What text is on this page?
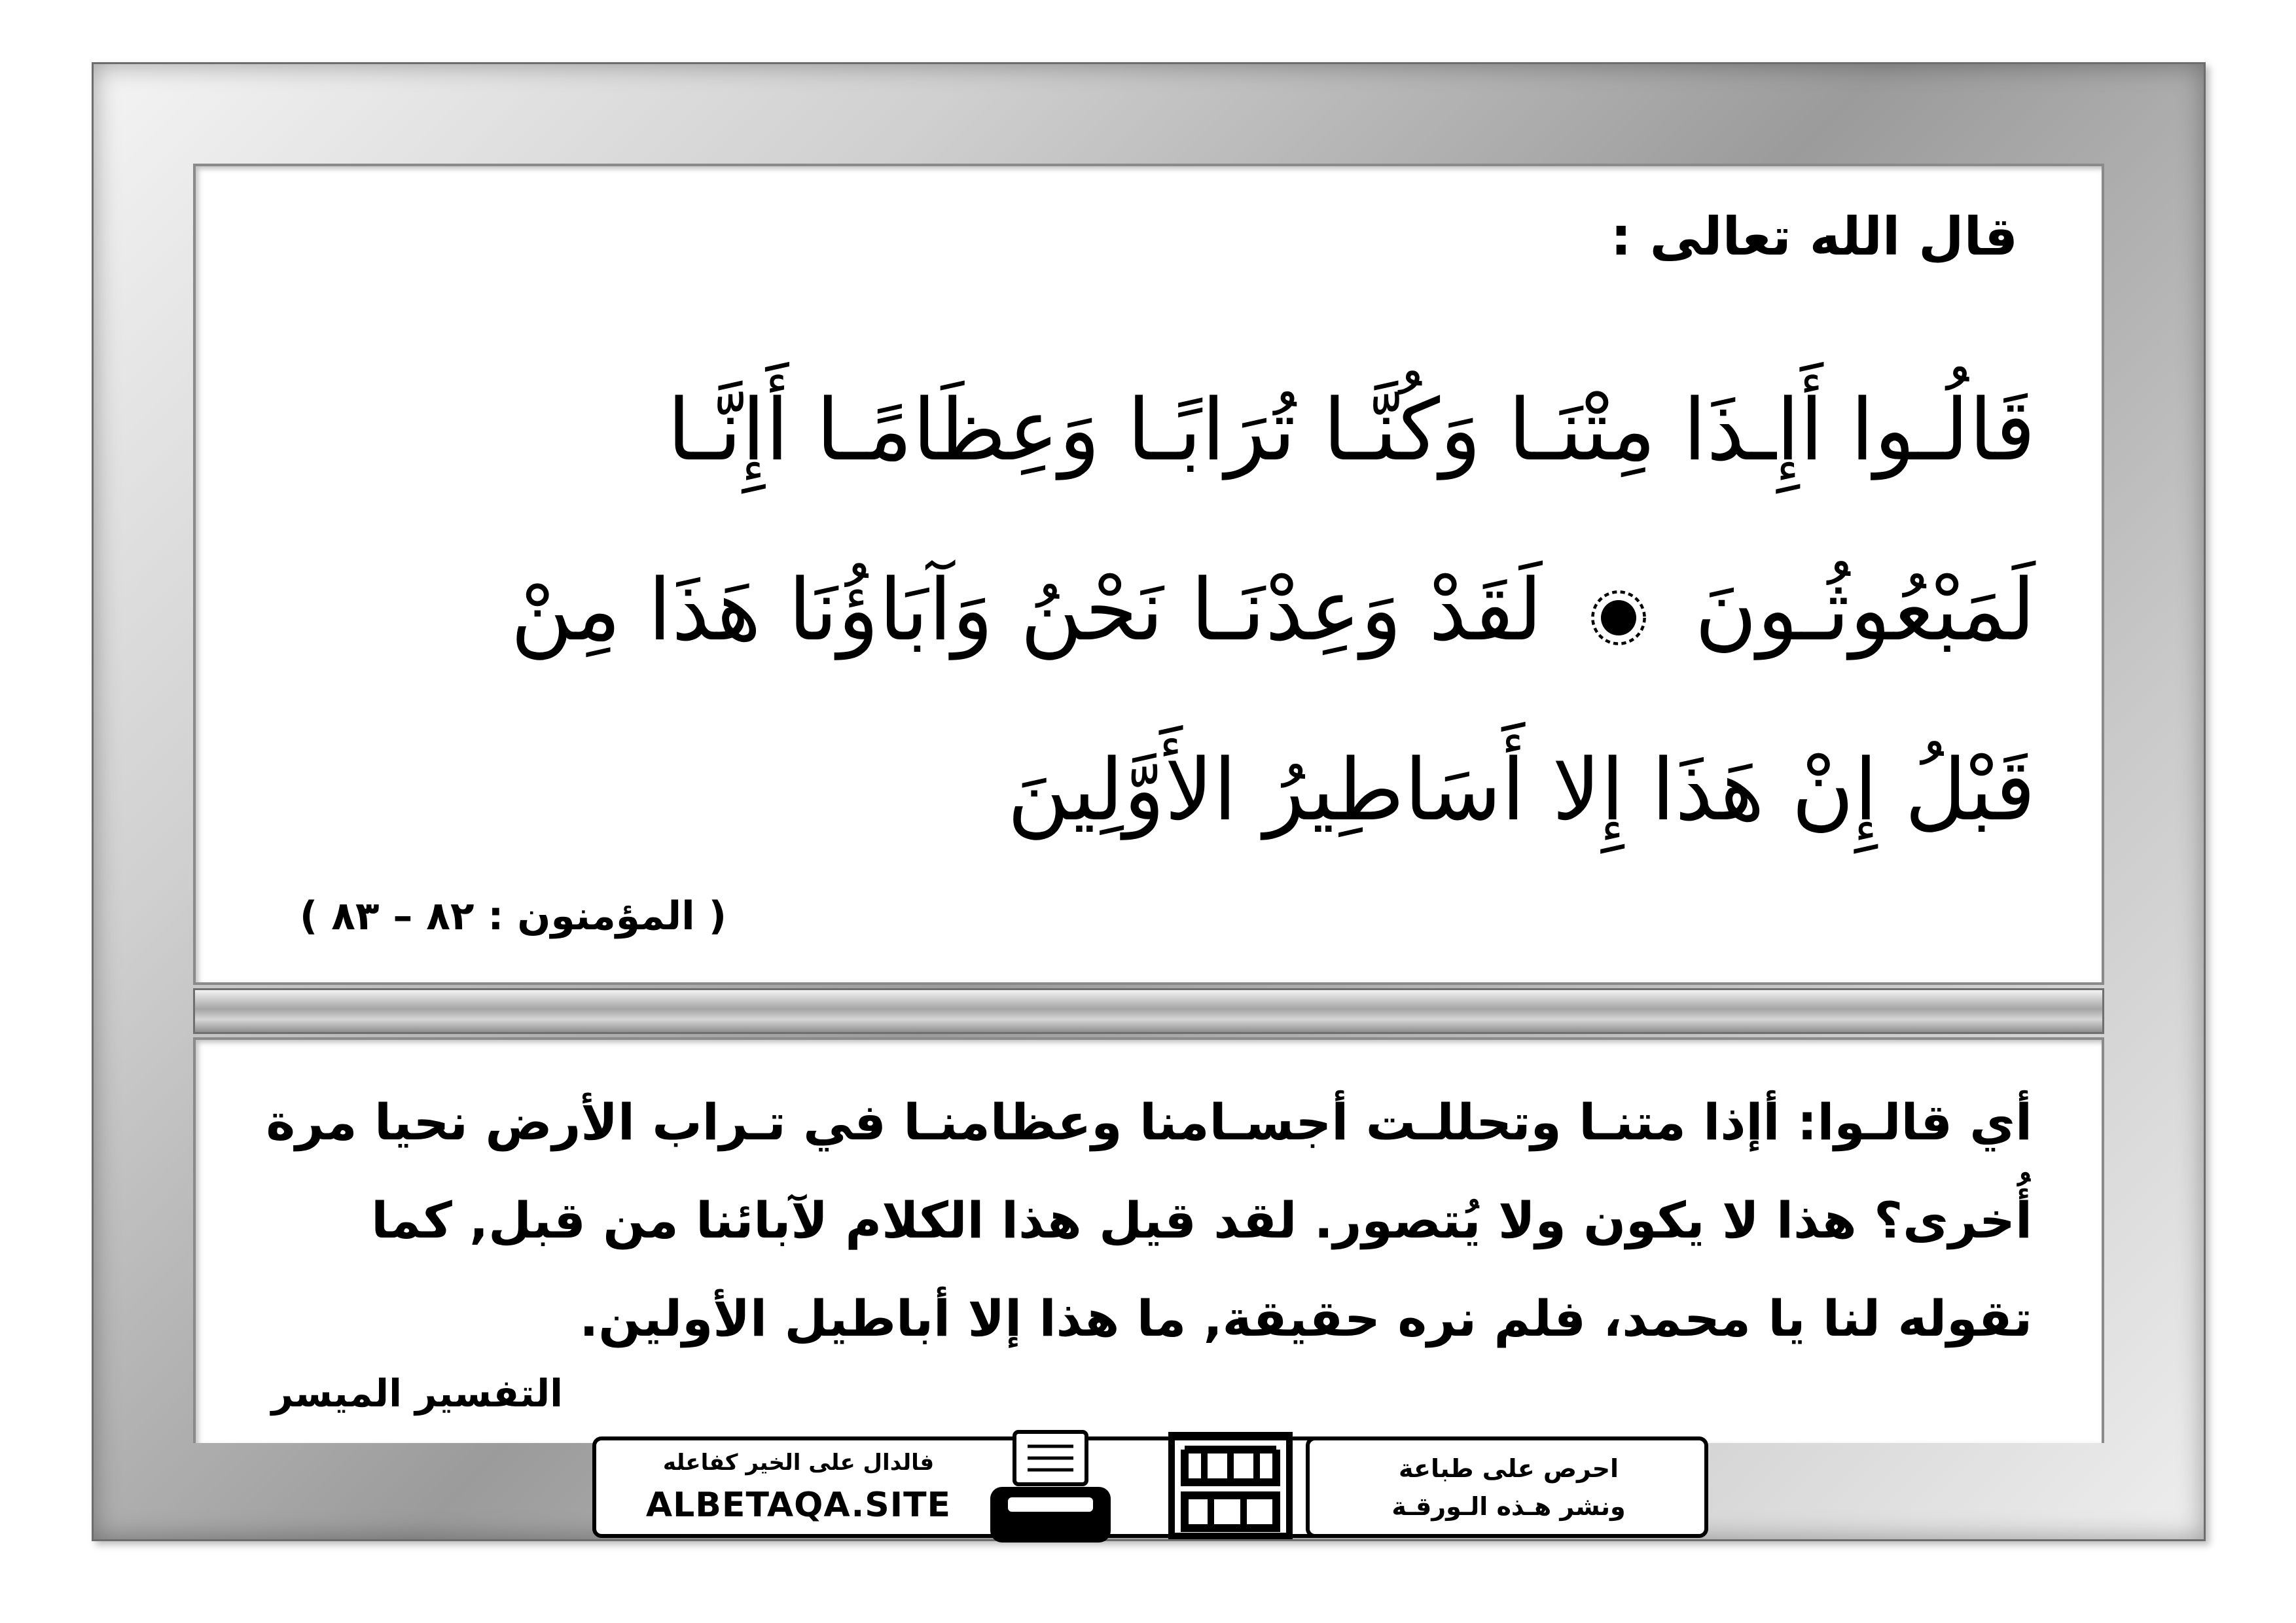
قال الله تعالى :
قَالُـوا أَإِـذَا مِتْنَـا وَكُنَّـا تُرَابًـا وَعِظَامًـا أَإِنَّـا
لَمَبْعُوثُـونَ  لَقَدْ وَعِدْنَـا نَحْنُ وَآبَاؤُنَا هَذَا مِنْ
قَبْلُ إِنْ هَذَا إِلا أَسَاطِيرُ الأَوَّلِينَ
( المؤمنون : ٨٢ – ٨٣ )
أي قالـوا: أإذا متنـا وتحللـت أجسـامنا وعظامنـا في تـراب الأرض نحيا مرة
أُخرى؟ هذا لا يكون ولا يُتصور. لقد قيل هذا الكلام لآبائنا من قبل, كما
تقوله لنا يا محمد، فلم نره حقيقة, ما هذا إلا أباطيل الأولين.
التفسير الميسر
فالدال على الخير كفاعله
ALBETAQA.SITE
احرص على طباعة
ونشر هـذه الـورقـة
